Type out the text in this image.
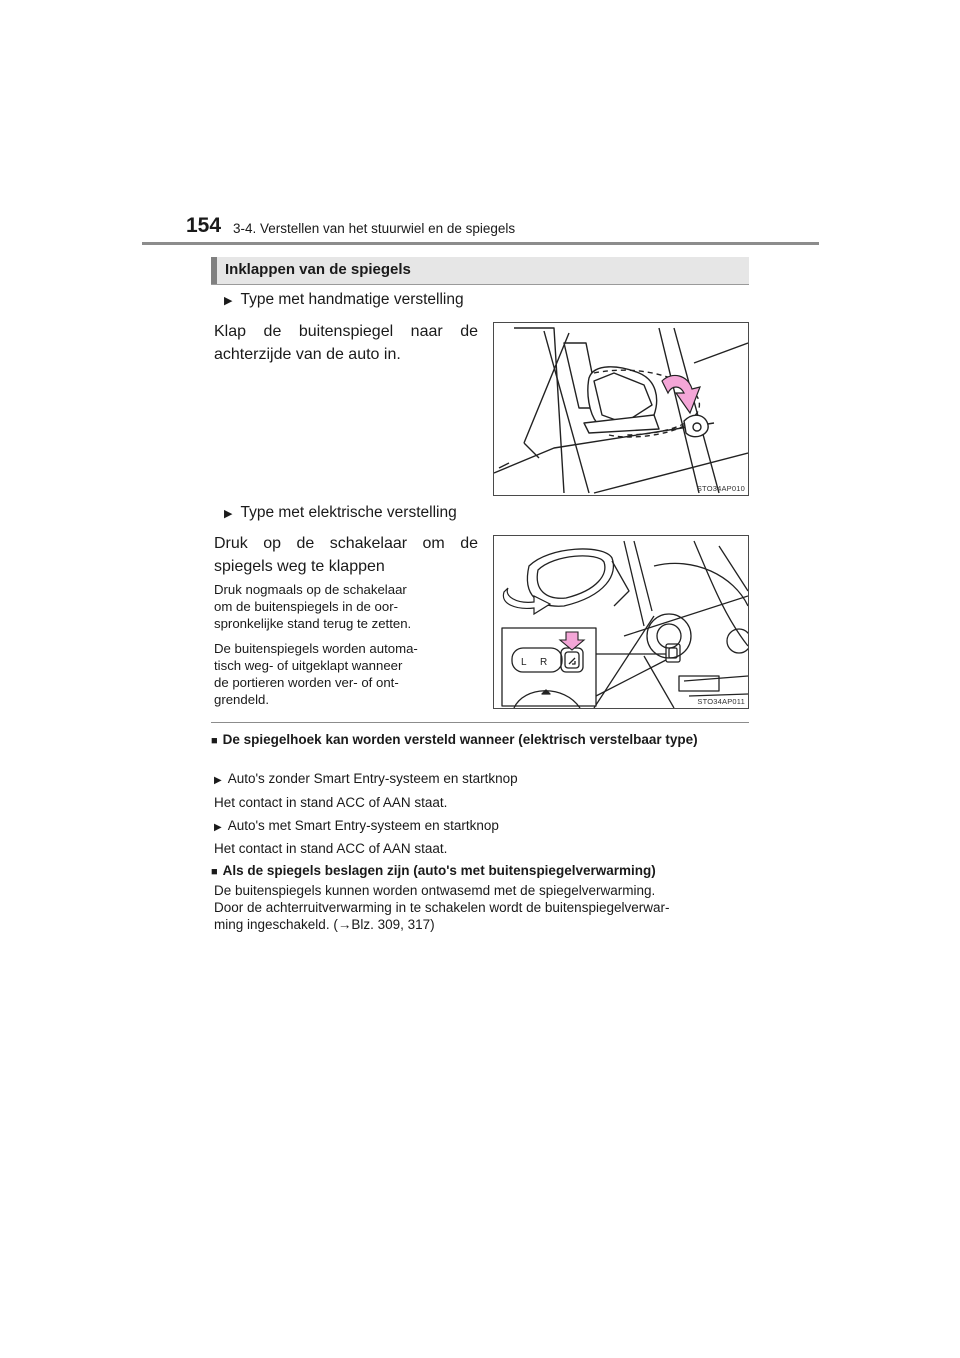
154 3-4. Verstellen van het stuurwiel en de spiegels
Inklappen van de spiegels
▶ Type met handmatige verstelling
Klap de buitenspiegel naar de achterzijde van de auto in.
STO34AP010
▶ Type met elektrische verstelling
Druk op de schakelaar om de spiegels weg te klappen
Druk nogmaals op de schakelaar
om de buitenspiegels in de oor-
spronkelijke stand terug te zetten.
De buitenspiegels worden automa-
tisch weg- of uitgeklapt wanneer
de portieren worden ver- of ont-
grendeld.
L R
STO34AP011
■ De spiegelhoek kan worden versteld wanneer (elektrisch verstelbaar type)
▶ Auto's zonder Smart Entry-systeem en startknop
Het contact in stand ACC of AAN staat.
▶ Auto's met Smart Entry-systeem en startknop
Het contact in stand ACC of AAN staat.
■ Als de spiegels beslagen zijn (auto's met buitenspiegelverwarming)
De buitenspiegels kunnen worden ontwasemd met de spiegelverwarming.
Door de achterruitverwarming in te schakelen wordt de buitenspiegelverwar-
ming ingeschakeld. (→Blz. 309, 317)
